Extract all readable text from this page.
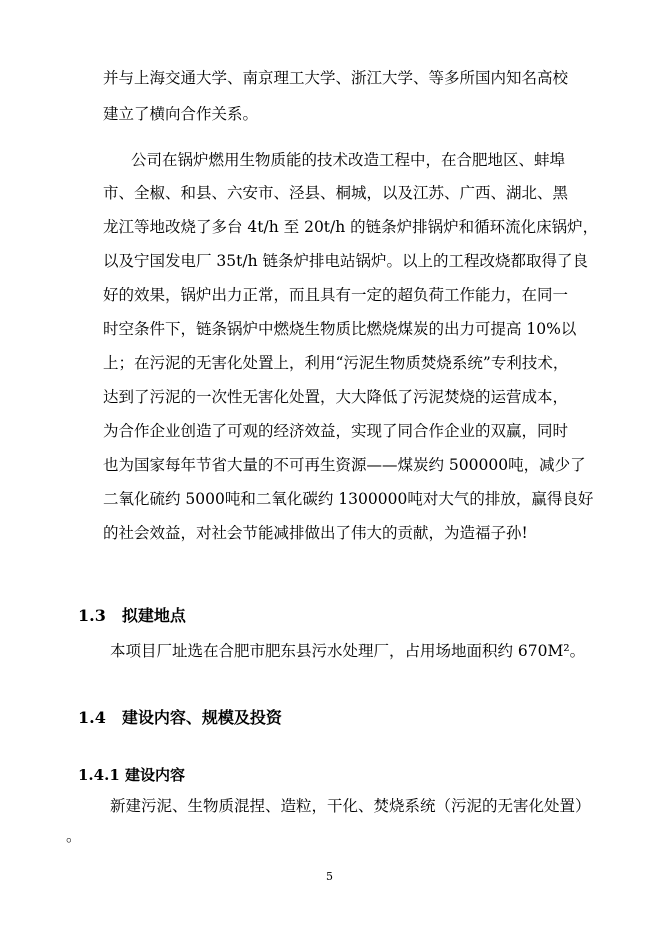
并与上海交通大学、南京理工大学、浙江大学、等多所国内知名高校
建立了横向合作关系。
公司在锅炉燃用生物质能的技术改造工程中，在合肥地区、蚌埠
市、全椒、和县、六安市、泾县、桐城，以及江苏、广西、湖北、黑
龙江等地改烧了多台 4t/h 至 20t/h 的链条炉排锅炉和循环流化床锅炉，
以及宁国发电厂 35t/h 链条炉排电站锅炉。以上的工程改烧都取得了良
好的效果，锅炉出力正常，而且具有一定的超负荷工作能力，在同一
时空条件下，链条锅炉中燃烧生物质比燃烧煤炭的出力可提高 10%以
上；在污泥的无害化处置上，利用“污泥生物质焚烧系统”专利技术，
达到了污泥的一次性无害化处置，大大降低了污泥焚烧的运营成本，
为合作企业创造了可观的经济效益，实现了同合作企业的双赢，同时
也为国家每年节省大量的不可再生资源——煤炭约 500000吨，减少了
二氧化硫约 5000吨和二氧化碳约 1300000吨对大气的排放，赢得良好
的社会效益，对社会节能减排做出了伟大的贡献，为造福子孙!
1.3　拟建地点
本项目厂址选在合肥市肥东县污水处理厂，占用场地面积约 670M²。
1.4　建设内容、规模及投资
1.4.1 建设内容
新建污泥、生物质混捏、造粒，干化、焚烧系统（污泥的无害化处置）
。
5
